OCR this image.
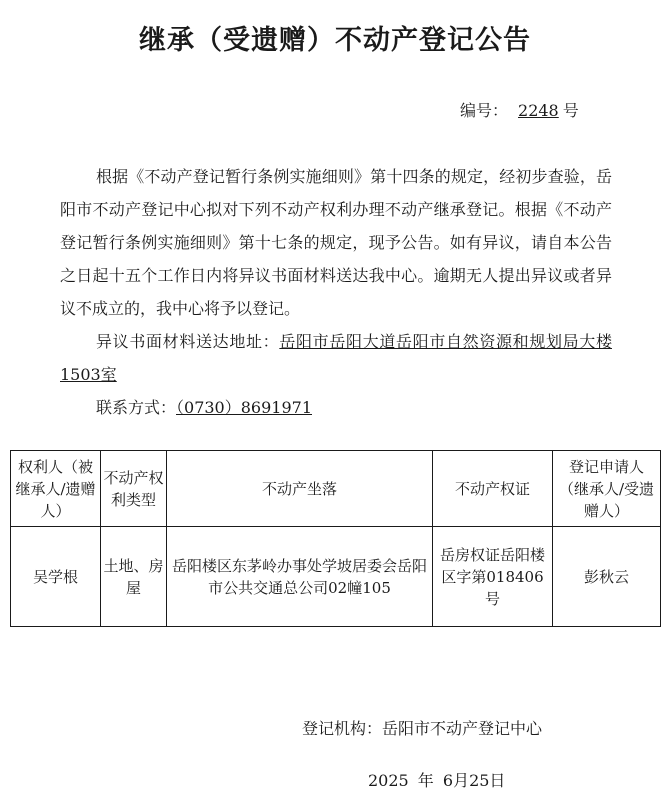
继承（受遗赠）不动产登记公告
编号： 2248 号

根据《不动产登记暂行条例实施细则》第十四条的规定，经初步查验，岳阳市不动产登记中心拟对下列不动产权利办理不动产继承登记。根据《不动产登记暂行条例实施细则》第十七条的规定，现予公告。如有异议，请自本公告之日起十五个工作日内将异议书面材料送达我中心。逾期无人提出异议或者异议不成立的，我中心将予以登记。

异议书面材料送达地址：岳阳市岳阳大道岳阳市自然资源和规划局大楼1503室

联系方式：（0730）8691971

权利人（被继承人/遗赠人）	不动产权利类型	不动产坐落	不动产权证	登记申请人（继承人/受遗赠人）
吴学根	土地、房屋	岳阳楼区东茅岭办事处学坡居委会岳阳市公共交通总公司02幢105	岳房权证岳阳楼区字第018406号	彭秋云
登记机构：岳阳市不动产登记中心
2025 年 6月25日
